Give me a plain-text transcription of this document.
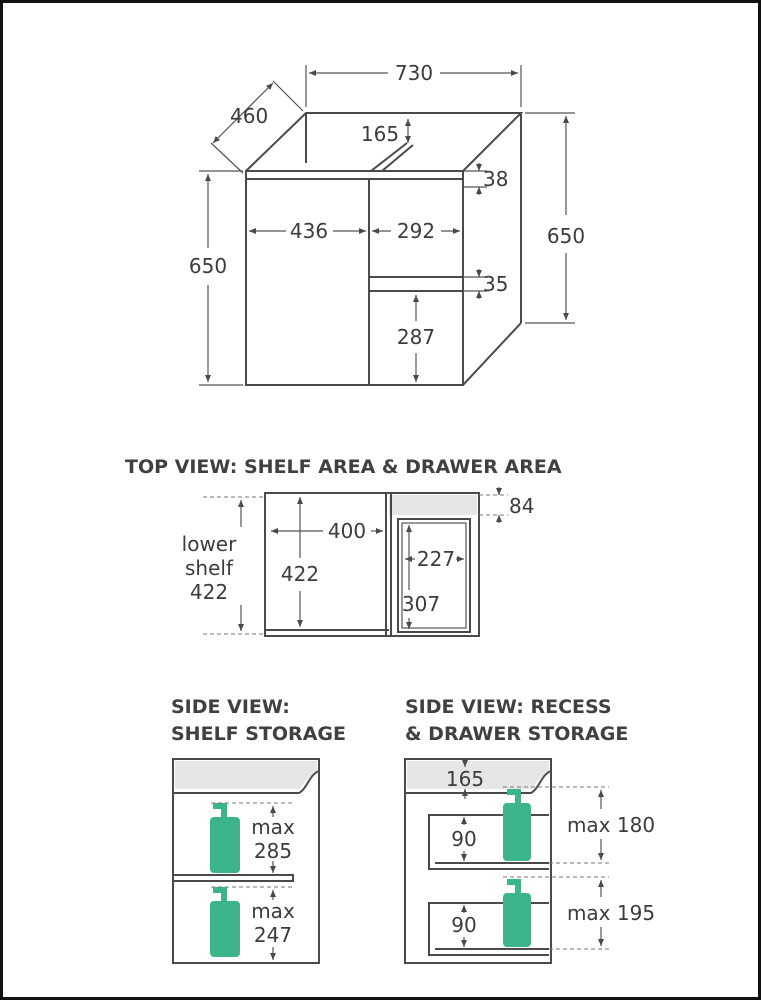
730
460
165
650
650
436	292
38
35
287
TOP VIEW: SHELF AREA & DRAWER AREA
lower
shelf
422
400
422
84
227
307
SIDE VIEW:
SHELF STORAGE
max
285
max
247
SIDE VIEW: RECESS
& DRAWER STORAGE
165
90
90
max 180
max 195
